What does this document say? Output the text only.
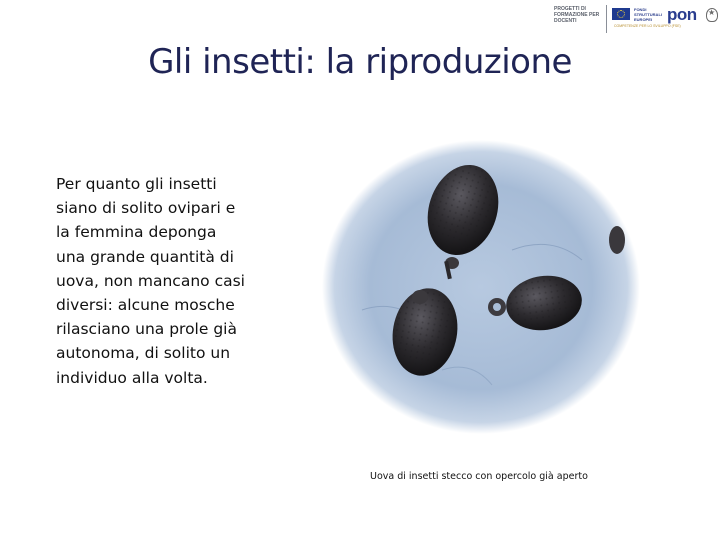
PROGETTI DI FORMAZIONE PER DOCENTI
FONDI STRUTTURALI EUROPEI pon
COMPETENZE PER LO SVILUPPO (FSE)
★
Gli insetti: la riproduzione
Per quanto gli insetti
siano di solito ovipari e
la femmina deponga
una grande quantità di
uova, non mancano casi
diversi: alcune mosche
rilasciano una prole già
autonoma, di solito un
individuo alla volta.
Uova di insetti stecco con opercolo già aperto
